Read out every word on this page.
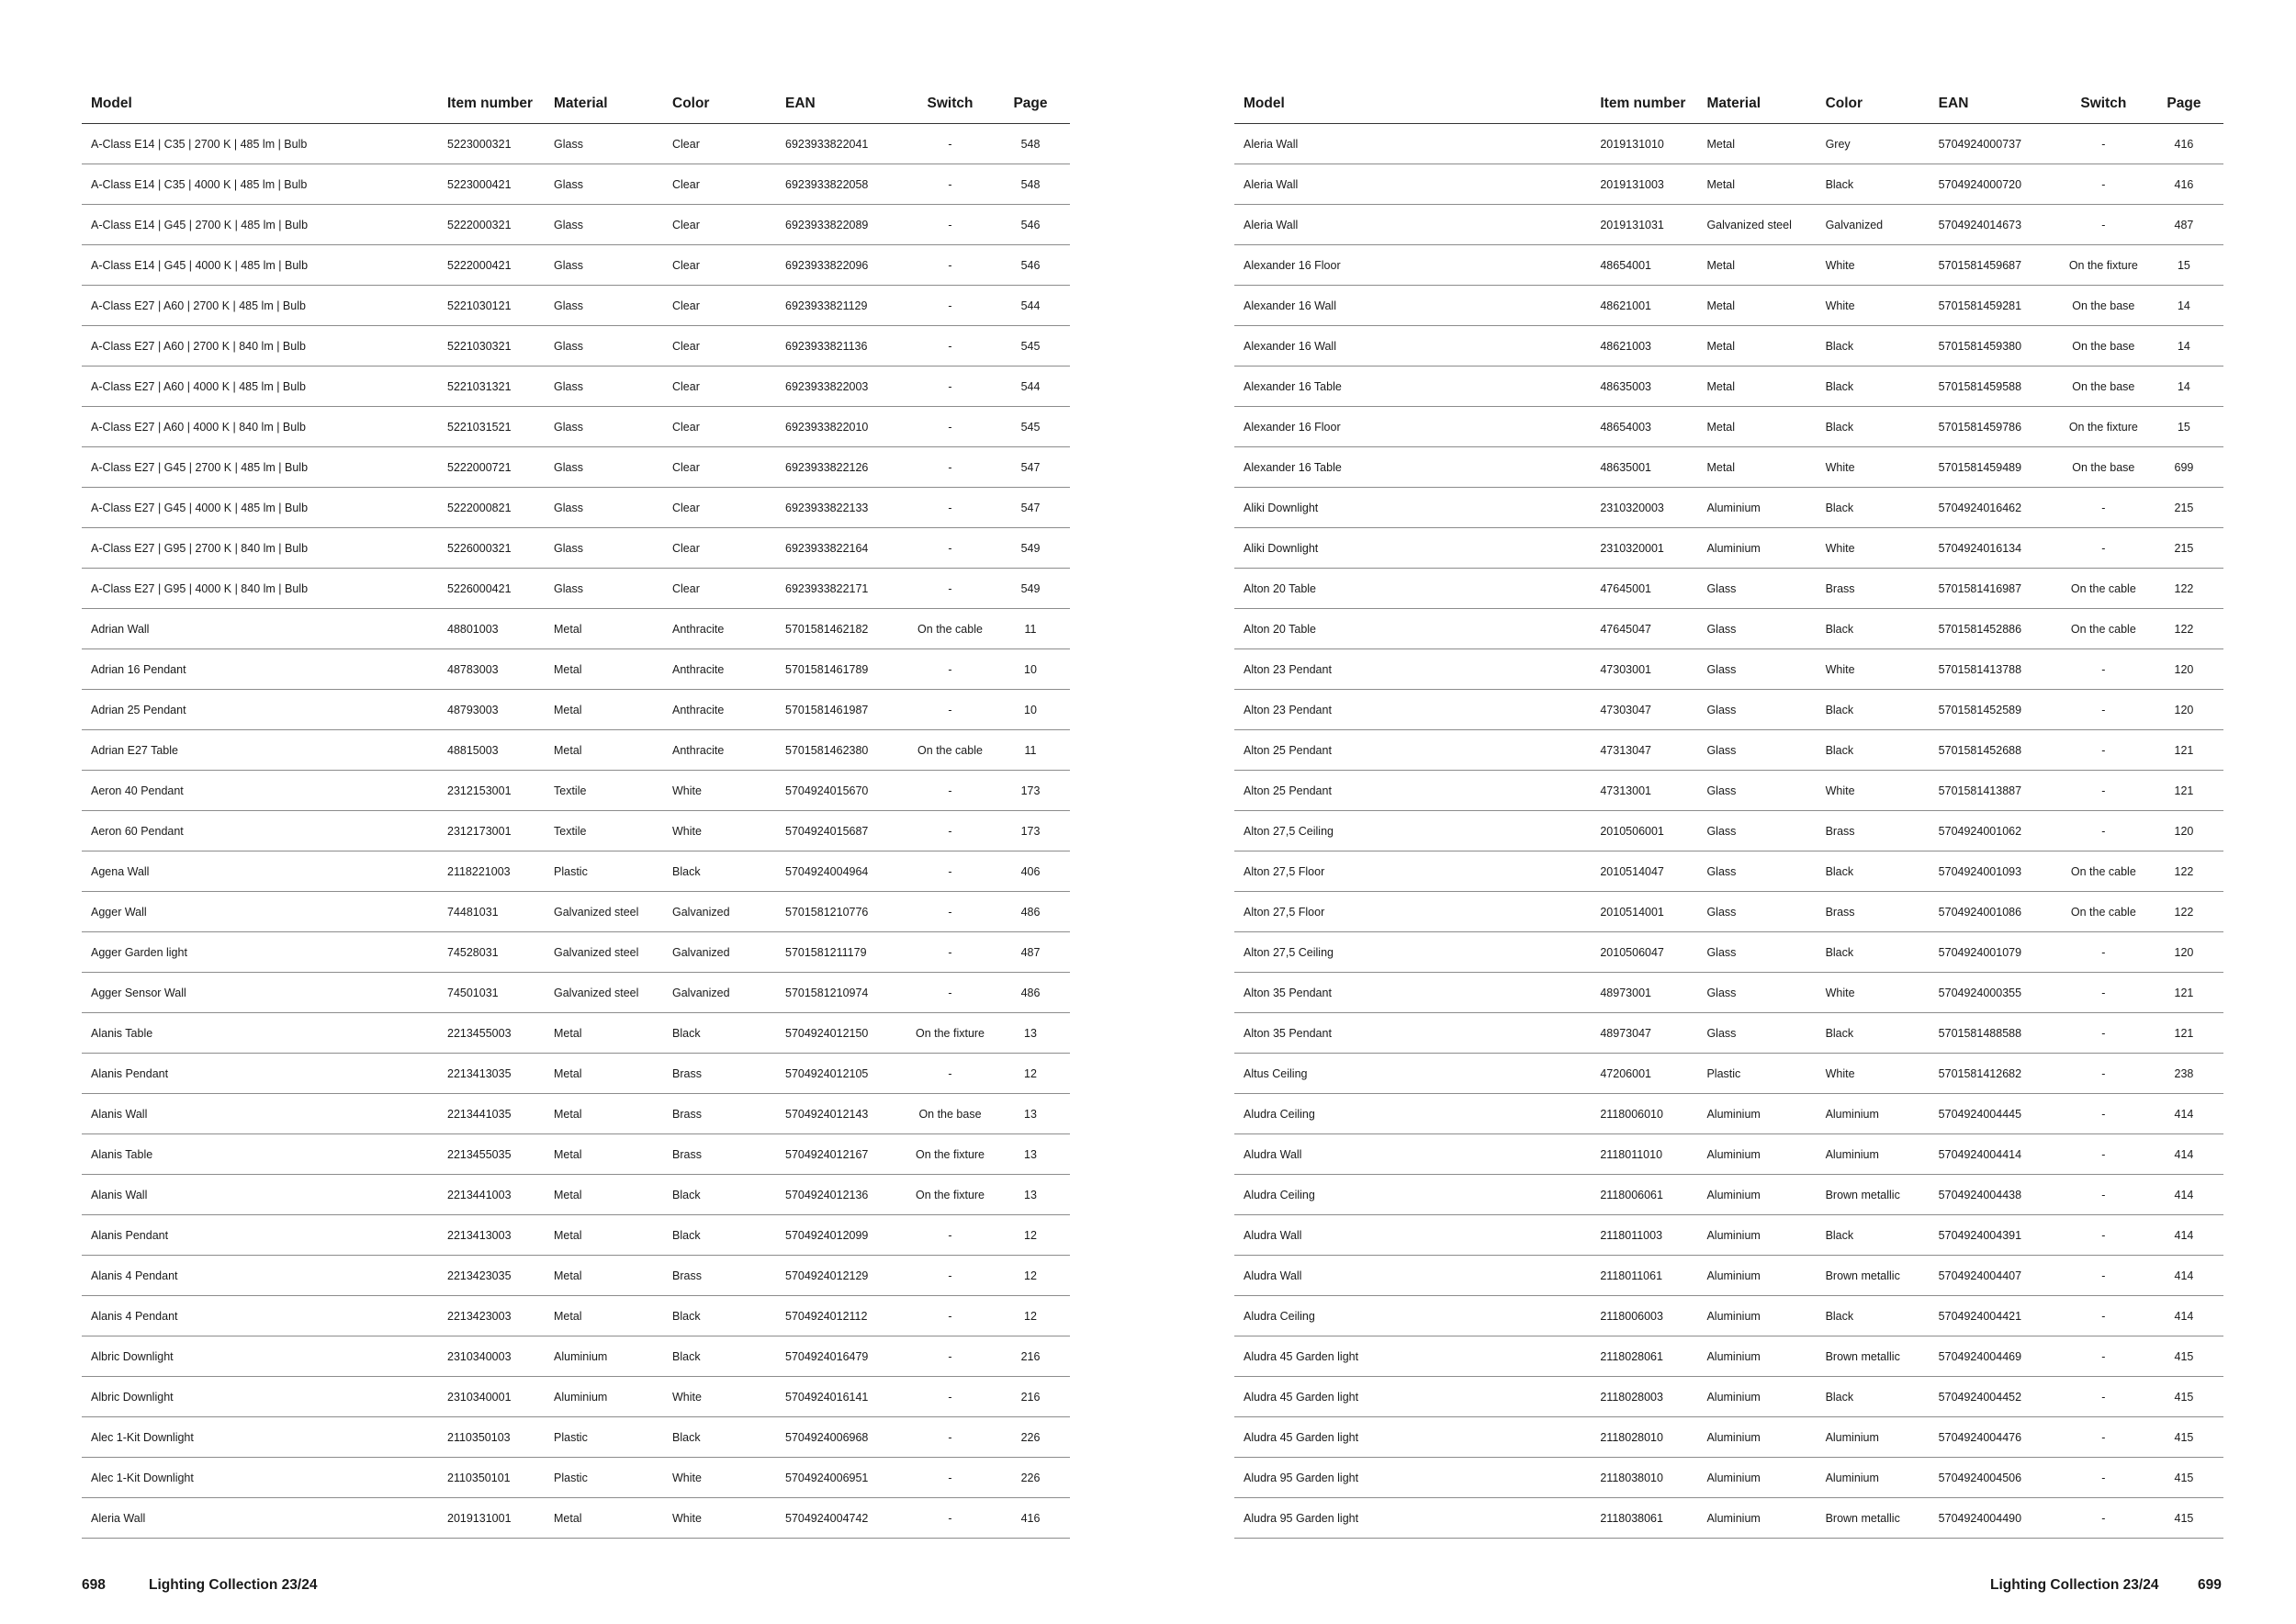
Model	Item number	Material	Color	EAN	Switch	Page
A-Class E14 | C35 | 2700 K | 485 lm | Bulb	5223000321	Glass	Clear	6923933822041	-	548
A-Class E14 | C35 | 4000 K | 485 lm | Bulb	5223000421	Glass	Clear	6923933822058	-	548
A-Class E14 | G45 | 2700 K | 485 lm | Bulb	5222000321	Glass	Clear	6923933822089	-	546
A-Class E14 | G45 | 4000 K | 485 lm | Bulb	5222000421	Glass	Clear	6923933822096	-	546
A-Class E27 | A60 | 2700 K | 485 lm | Bulb	5221030121	Glass	Clear	6923933821129	-	544
A-Class E27 | A60 | 2700 K | 840 lm | Bulb	5221030321	Glass	Clear	6923933821136	-	545
A-Class E27 | A60 | 4000 K | 485 lm | Bulb	5221031321	Glass	Clear	6923933822003	-	544
A-Class E27 | A60 | 4000 K | 840 lm | Bulb	5221031521	Glass	Clear	6923933822010	-	545
A-Class E27 | G45 | 2700 K | 485 lm | Bulb	5222000721	Glass	Clear	6923933822126	-	547
A-Class E27 | G45 | 4000 K | 485 lm | Bulb	5222000821	Glass	Clear	6923933822133	-	547
A-Class E27 | G95 | 2700 K | 840 lm | Bulb	5226000321	Glass	Clear	6923933822164	-	549
A-Class E27 | G95 | 4000 K | 840 lm | Bulb	5226000421	Glass	Clear	6923933822171	-	549
Adrian Wall	48801003	Metal	Anthracite	5701581462182	On the cable	11
Adrian 16 Pendant	48783003	Metal	Anthracite	5701581461789	-	10
Adrian 25 Pendant	48793003	Metal	Anthracite	5701581461987	-	10
Adrian E27 Table	48815003	Metal	Anthracite	5701581462380	On the cable	11
Aeron 40 Pendant	2312153001	Textile	White	5704924015670	-	173
Aeron 60 Pendant	2312173001	Textile	White	5704924015687	-	173
Agena Wall	2118221003	Plastic	Black	5704924004964	-	406
Agger Wall	74481031	Galvanized steel	Galvanized	5701581210776	-	486
Agger Garden light	74528031	Galvanized steel	Galvanized	5701581211179	-	487
Agger Sensor Wall	74501031	Galvanized steel	Galvanized	5701581210974	-	486
Alanis Table	2213455003	Metal	Black	5704924012150	On the fixture	13
Alanis Pendant	2213413035	Metal	Brass	5704924012105	-	12
Alanis Wall	2213441035	Metal	Brass	5704924012143	On the base	13
Alanis Table	2213455035	Metal	Brass	5704924012167	On the fixture	13
Alanis Wall	2213441003	Metal	Black	5704924012136	On the fixture	13
Alanis Pendant	2213413003	Metal	Black	5704924012099	-	12
Alanis 4 Pendant	2213423035	Metal	Brass	5704924012129	-	12
Alanis 4 Pendant	2213423003	Metal	Black	5704924012112	-	12
Albric Downlight	2310340003	Aluminium	Black	5704924016479	-	216
Albric Downlight	2310340001	Aluminium	White	5704924016141	-	216
Alec 1-Kit Downlight	2110350103	Plastic	Black	5704924006968	-	226
Alec 1-Kit Downlight	2110350101	Plastic	White	5704924006951	-	226
Aleria Wall	2019131001	Metal	White	5704924004742	-	416
698	Lighting Collection 23/24
Model	Item number	Material	Color	EAN	Switch	Page
Aleria Wall	2019131010	Metal	Grey	5704924000737	-	416
Aleria Wall	2019131003	Metal	Black	5704924000720	-	416
Aleria Wall	2019131031	Galvanized steel	Galvanized	5704924014673	-	487
Alexander 16 Floor	48654001	Metal	White	5701581459687	On the fixture	15
Alexander 16 Wall	48621001	Metal	White	5701581459281	On the base	14
Alexander 16 Wall	48621003	Metal	Black	5701581459380	On the base	14
Alexander 16 Table	48635003	Metal	Black	5701581459588	On the base	14
Alexander 16 Floor	48654003	Metal	Black	5701581459786	On the fixture	15
Alexander 16 Table	48635001	Metal	White	5701581459489	On the base	699
Aliki Downlight	2310320003	Aluminium	Black	5704924016462	-	215
Aliki Downlight	2310320001	Aluminium	White	5704924016134	-	215
Alton 20 Table	47645001	Glass	Brass	5701581416987	On the cable	122
Alton 20 Table	47645047	Glass	Black	5701581452886	On the cable	122
Alton 23 Pendant	47303001	Glass	White	5701581413788	-	120
Alton 23 Pendant	47303047	Glass	Black	5701581452589	-	120
Alton 25 Pendant	47313047	Glass	Black	5701581452688	-	121
Alton 25 Pendant	47313001	Glass	White	5701581413887	-	121
Alton 27,5 Ceiling	2010506001	Glass	Brass	5704924001062	-	120
Alton 27,5 Floor	2010514047	Glass	Black	5704924001093	On the cable	122
Alton 27,5 Floor	2010514001	Glass	Brass	5704924001086	On the cable	122
Alton 27,5 Ceiling	2010506047	Glass	Black	5704924001079	-	120
Alton 35 Pendant	48973001	Glass	White	5704924000355	-	121
Alton 35 Pendant	48973047	Glass	Black	5701581488588	-	121
Altus Ceiling	47206001	Plastic	White	5701581412682	-	238
Aludra Ceiling	2118006010	Aluminium	Aluminium	5704924004445	-	414
Aludra Wall	2118011010	Aluminium	Aluminium	5704924004414	-	414
Aludra Ceiling	2118006061	Aluminium	Brown metallic	5704924004438	-	414
Aludra Wall	2118011003	Aluminium	Black	5704924004391	-	414
Aludra Wall	2118011061	Aluminium	Brown metallic	5704924004407	-	414
Aludra Ceiling	2118006003	Aluminium	Black	5704924004421	-	414
Aludra 45 Garden light	2118028061	Aluminium	Brown metallic	5704924004469	-	415
Aludra 45 Garden light	2118028003	Aluminium	Black	5704924004452	-	415
Aludra 45 Garden light	2118028010	Aluminium	Aluminium	5704924004476	-	415
Aludra 95 Garden light	2118038010	Aluminium	Aluminium	5704924004506	-	415
Aludra 95 Garden light	2118038061	Aluminium	Brown metallic	5704924004490	-	415
Lighting Collection 23/24	699
